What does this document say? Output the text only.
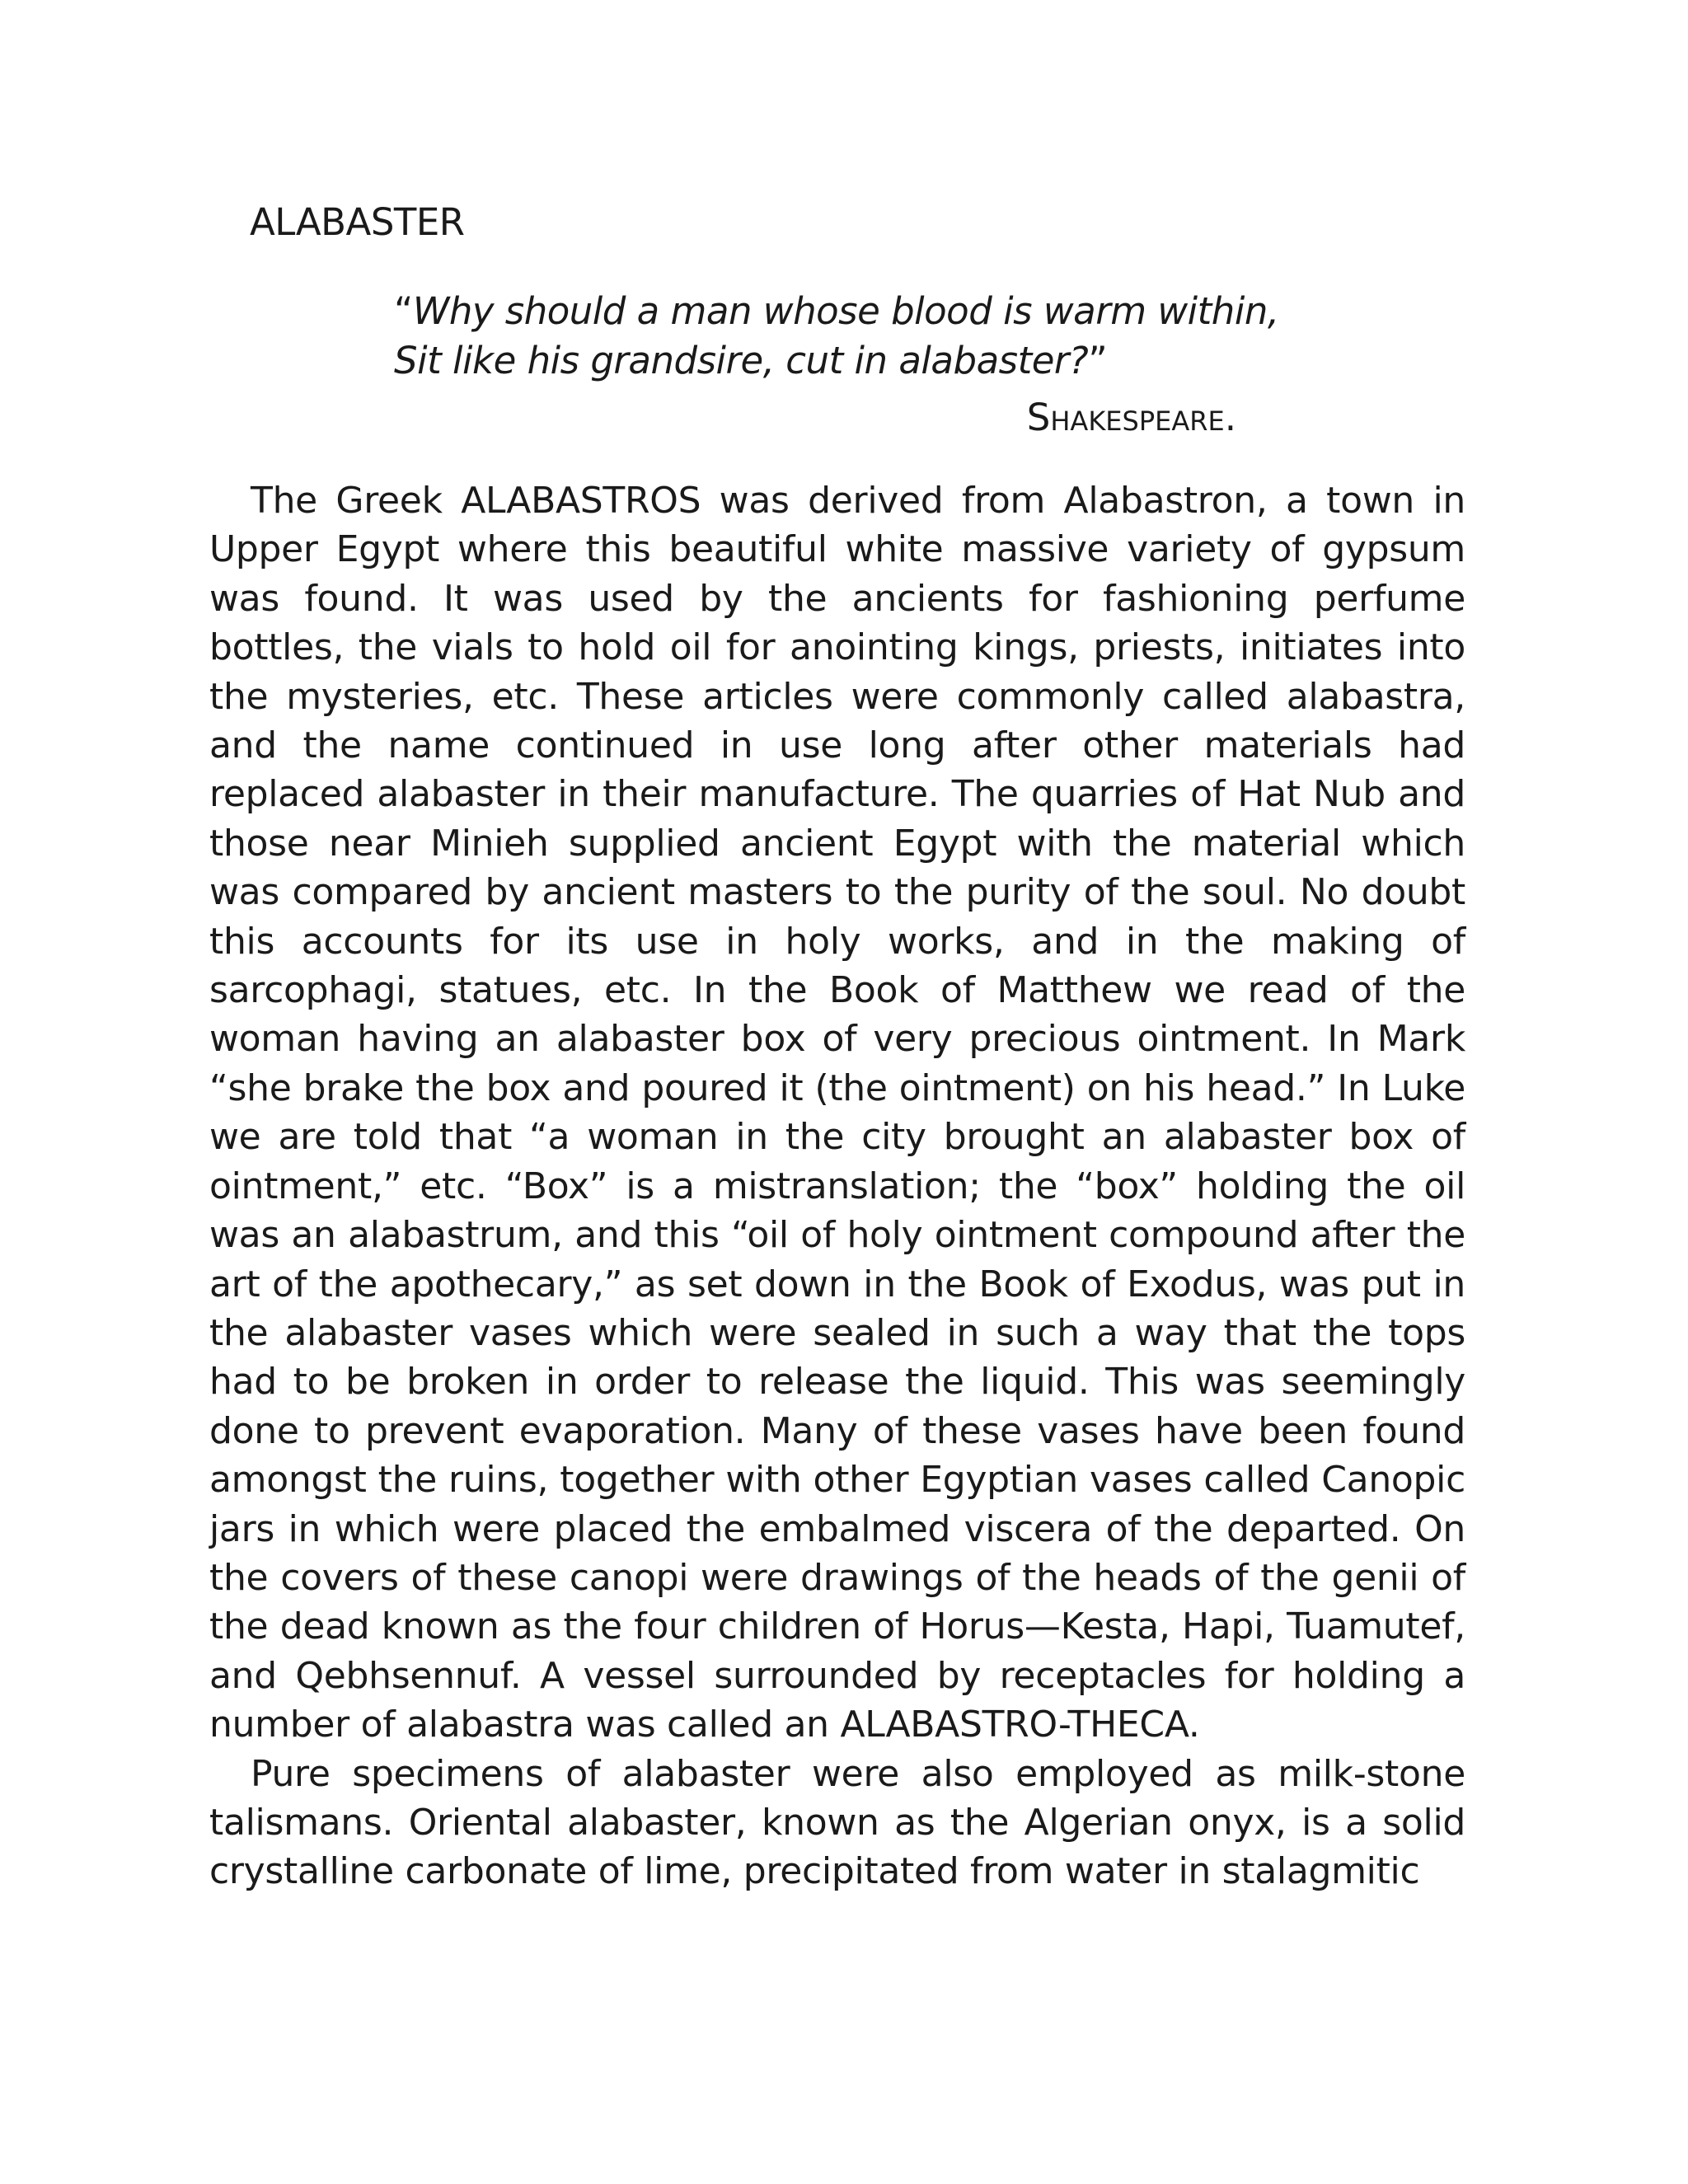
ALABASTER
“Why should a man whose blood is warm within,
Sit like his grandsire, cut in alabaster?”
Shakespeare.

The Greek ALABASTROS was derived from Alabastron, a town in Upper Egypt where this beautiful white massive variety of gypsum was found. It was used by the ancients for fashioning perfume bottles, the vials to hold oil for anointing kings, priests, initiates into the mysteries, etc. These articles were commonly called alabastra, and the name continued in use long after other materials had replaced alabaster in their manufacture. The quarries of Hat Nub and those near Minieh supplied ancient Egypt with the material which was compared by ancient masters to the purity of the soul. No doubt this accounts for its use in holy works, and in the making of sarcophagi, statues, etc. In the Book of Matthew we read of the woman having an alabaster box of very precious ointment. In Mark “she brake the box and poured it (the ointment) on his head.” In Luke we are told that “a woman in the city brought an alabaster box of ointment,” etc. “Box” is a mistranslation; the “box” holding the oil was an alabastrum, and this “oil of holy ointment compound after the art of the apothecary,” as set down in the Book of Exodus, was put in the alabaster vases which were sealed in such a way that the tops had to be broken in order to release the liquid. This was seemingly done to prevent evaporation. Many of these vases have been found amongst the ruins, together with other Egyptian vases called Canopic jars in which were placed the embalmed viscera of the departed. On the covers of these canopi were drawings of the heads of the genii of the dead known as the four children of Horus—Kesta, Hapi, Tuamutef, and Qebhsennuf. A vessel surrounded by receptacles for holding a number of alabastra was called an ALABASTRO-THECA.

Pure specimens of alabaster were also employed as milk-stone talismans. Oriental alabaster, known as the Algerian onyx, is a solid crystalline carbonate of lime, precipitated from water in stalagmitic
